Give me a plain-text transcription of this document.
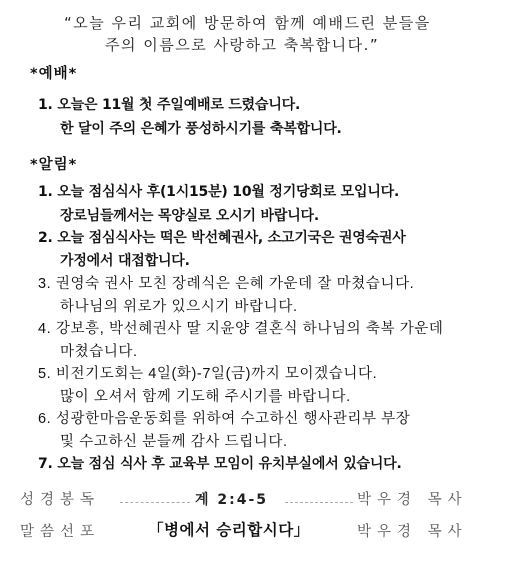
“오늘 우리 교회에 방문하여 함께 예배드린 분들을
주의 이름으로 사랑하고 축복합니다.”
*예배*
1. 오늘은 11월 첫 주일예배로 드렸습니다.
한 달이 주의 은혜가 풍성하시기를 축복합니다.
*알림*
1. 오늘 점심식사 후(1시15분) 10월 정기당회로 모입니다.
장로님들께서는 목양실로 오시기 바랍니다.
2. 오늘 점심식사는 떡은 박선혜권사, 소고기국은 권영숙권사
가정에서 대접합니다.
3. 권영숙 권사 모친 장례식은 은혜 가운데 잘 마쳤습니다.
하나님의 위로가 있으시기 바랍니다.
4. 강보흥, 박선혜권사 딸 지윤양 결혼식 하나님의 축복 가운데
마쳤습니다.
5. 비전기도회는 4일(화)-7일(금)까지 모이겠습니다.
많이 오셔서 함께 기도해 주시기를 바랍니다.
6. 성광한마음운동회를 위하여 수고하신 행사관리부 부장
및 수고하신 분들께 감사 드립니다.
7. 오늘 점심 식사 후 교육부 모임이 유치부실에서 있습니다.
성경봉독	계 2:4-5	박우경 목사
말씀선포	「병에서 승리합시다」	박우경 목사
